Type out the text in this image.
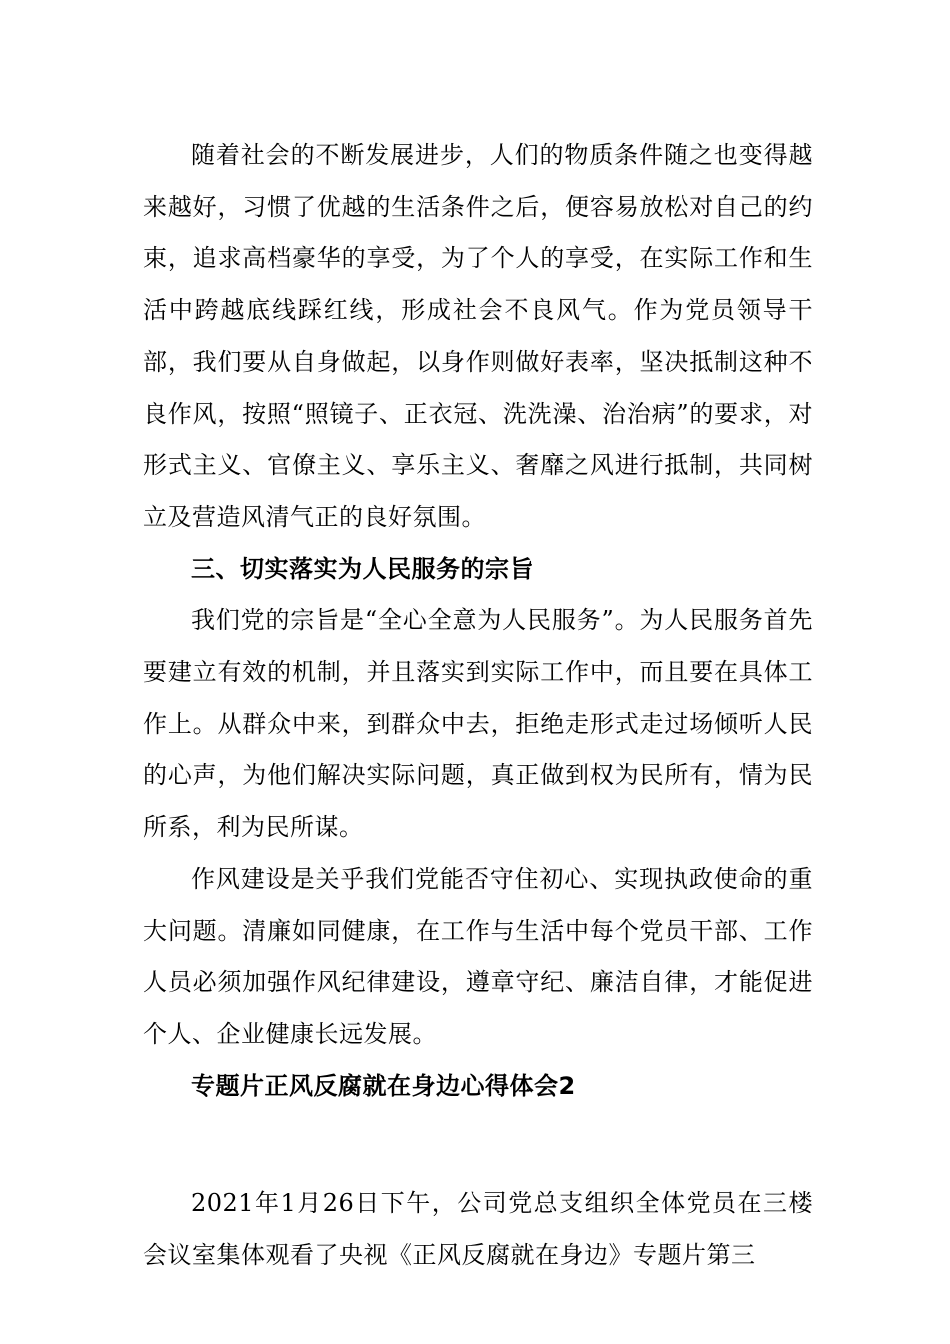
随着社会的不断发展进步，人们的物质条件随之也变得越来越好，习惯了优越的生活条件之后，便容易放松对自己的约束，追求高档豪华的享受，为了个人的享受，在实际工作和生活中跨越底线踩红线，形成社会不良风气。作为党员领导干部，我们要从自身做起，以身作则做好表率，坚决抵制这种不良作风，按照“照镜子、正衣冠、洗洗澡、治治病”的要求，对形式主义、官僚主义、享乐主义、奢靡之风进行抵制，共同树立及营造风清气正的良好氛围。

三、切实落实为人民服务的宗旨

我们党的宗旨是“全心全意为人民服务”。为人民服务首先要建立有效的机制，并且落实到实际工作中，而且要在具体工作上。从群众中来，到群众中去，拒绝走形式走过场倾听人民的心声，为他们解决实际问题，真正做到权为民所有，情为民所系，利为民所谋。

作风建设是关乎我们党能否守住初心、实现执政使命的重大问题。清廉如同健康，在工作与生活中每个党员干部、工作人员必须加强作风纪律建设，遵章守纪、廉洁自律，才能促进个人、企业健康长远发展。

专题片正风反腐就在身边心得体会2

2021年1月26日下午，公司党总支组织全体党员在三楼会议室集体观看了央视《正风反腐就在身边》专题片第三
